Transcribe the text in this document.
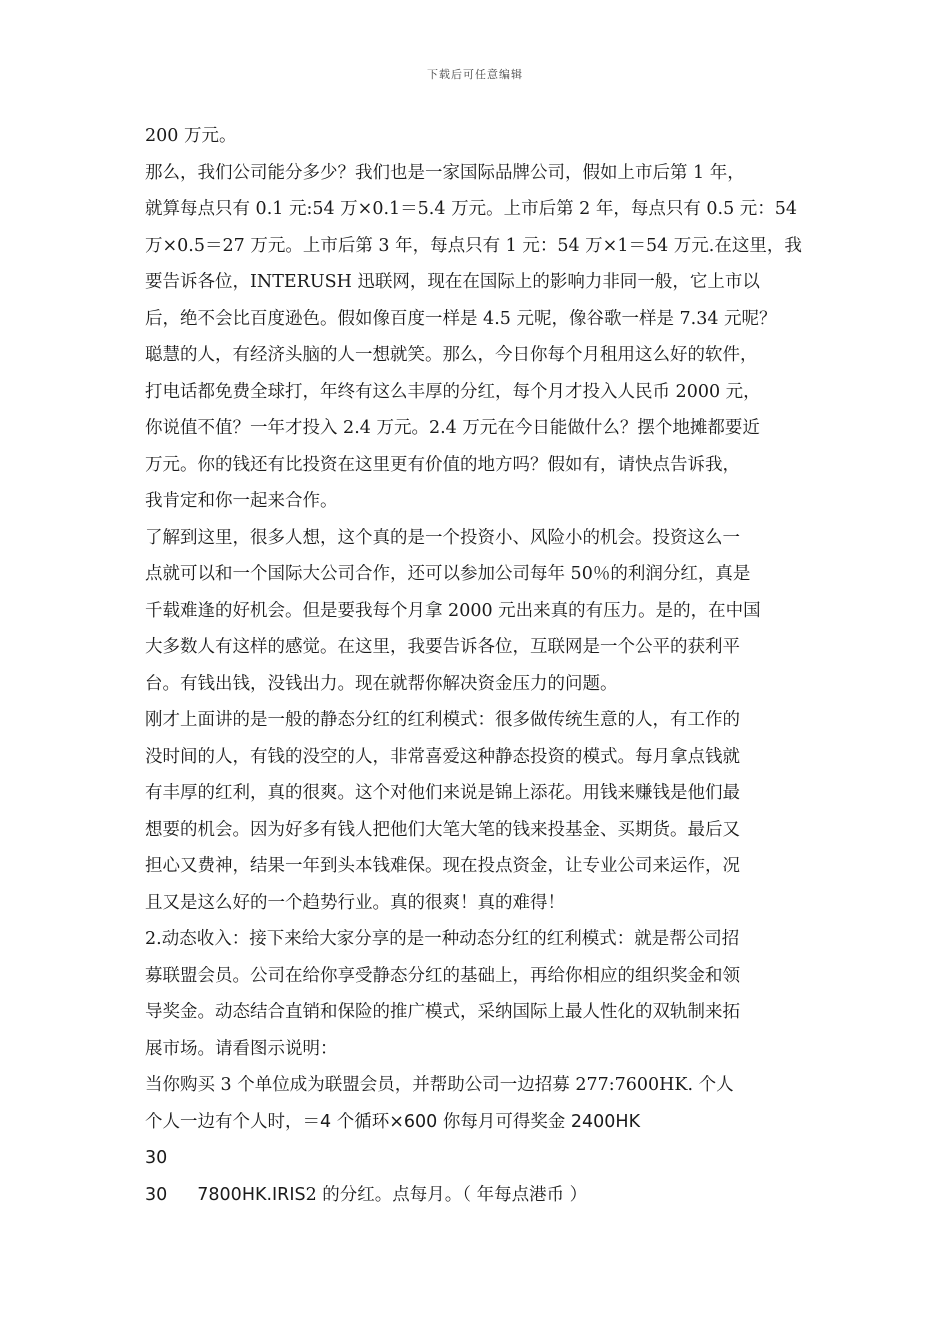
下载后可任意编辑
200 万元。
那么，我们公司能分多少？我们也是一家国际品牌公司，假如上市后第 1 年，
就算每点只有 0.1 元:54 万×0.1＝5.4 万元。上市后第 2 年，每点只有 0.5 元：54
万×0.5＝27 万元。上市后第 3 年，每点只有 1 元：54 万×1＝54 万元.在这里，我
要告诉各位，INTERUSH 迅联网，现在在国际上的影响力非同一般，它上市以
后，绝不会比百度逊色。假如像百度一样是 4.5 元呢，像谷歌一样是 7.34 元呢？
聪慧的人，有经济头脑的人一想就笑。那么，今日你每个月租用这么好的软件，
打电话都免费全球打，年终有这么丰厚的分红，每个月才投入人民币 2000 元，
你说值不值？一年才投入 2.4 万元。2.4 万元在今日能做什么？摆个地摊都要近
万元。你的钱还有比投资在这里更有价值的地方吗？假如有，请快点告诉我，
我肯定和你一起来合作。
了解到这里，很多人想，这个真的是一个投资小、风险小的机会。投资这么一
点就可以和一个国际大公司合作，还可以参加公司每年 50％的利润分红，真是
千载难逢的好机会。但是要我每个月拿 2000 元出来真的有压力。是的，在中国
大多数人有这样的感觉。在这里，我要告诉各位，互联网是一个公平的获利平
台。有钱出钱，没钱出力。现在就帮你解决资金压力的问题。
刚才上面讲的是一般的静态分红的红利模式：很多做传统生意的人，有工作的
没时间的人，有钱的没空的人，非常喜爱这种静态投资的模式。每月拿点钱就
有丰厚的红利，真的很爽。这个对他们来说是锦上添花。用钱来赚钱是他们最
想要的机会。因为好多有钱人把他们大笔大笔的钱来投基金、买期货。最后又
担心又费神，结果一年到头本钱难保。现在投点资金，让专业公司来运作，况
且又是这么好的一个趋势行业。真的很爽！真的难得！
2.动态收入：接下来给大家分享的是一种动态分红的红利模式：就是帮公司招
募联盟会员。公司在给你享受静态分红的基础上，再给你相应的组织奖金和领
导奖金。动态结合直销和保险的推广模式，采纳国际上最人性化的双轨制来拓
展市场。请看图示说明：
当你购买 3 个单位成为联盟会员，并帮助公司一边招募 277:7600HK. 个人
个人一边有个人时，＝4 个循环×600 你每月可得奖金 2400HK
30
30 7800HK.IRIS2 的分红。点每月。（ 年每点港币 ）
